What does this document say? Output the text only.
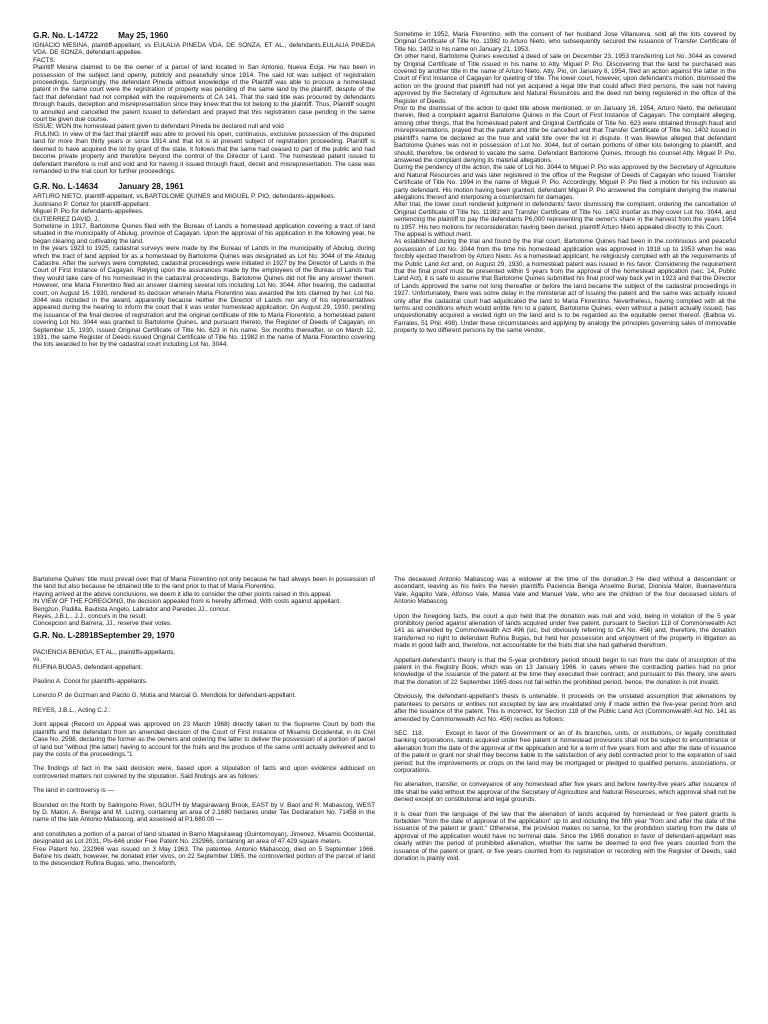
G.R. No. L-14722 May 25, 1960

IGNACIO MESINA, plaintiff-appellant, vs EULALIA PINEDA VDA. DE SONZA, ET AL., defendants.EULALIA PINEDA VDA. DE SONZA, defendant-appellee.

FACTS:

Plaintiff Mesina claimed to be the owner of a parcel of land located in San Antonio, Nueva Ecija. He has been in possession of the subject land openly, publicly and peacefully since 1914. The said lot was subject of registration proceedings. Surprisingly, the defendant Pineda without knowledge of the Plaintiff was able to procure a homestead patent in the same court were the registration of property was pending of the same land by the plaintiff, despite of the fact that defendant had not complied with the requirements of CA 141. That the said title was procured by defendants through frauds, deception and misrepresentation since they knew that the lot belong to the plaintiff. Thus, Plaintiff sought to annulled and cancelled the patent issued to defendant and prayed that this registration case pending in the same court be given due course.

ISSUE: WON the homestead patent given to defendant Pineda be declared null and void

.RULING: In view of the fact that plaintiff was able to proved his open, continuous, exclusive possession of the disputed land for more than thirty years or since 1914 and that lot is at present subject of registration proceeding. Plaintiff is deemed to have acquired the lot by grant of the state, it follows that the same had ceased to part of the public and had become private property and therefore beyond the control of the Director of Land. The homestead patent issued to defendant therefore is null and void and for having it issued through fraud, deceit and misrepresentation. The case was remanded to the trial court for further proceedings.

G.R. No. L-14634 January 28, 1961

ARTURO NIETO, plaintiff-appellant, vs.BARTOLOME QUINES and MIGUEL P. PIO, defendants-appellees.

Justiniano P. Cortez for plaintiff-appellant.

Miguel P. Pio for defendants-appellees.

GUTIERREZ DAVID, J.:

Sometime in 1917, Bartolome Quines filed with the Bureau of Lands a homestead application covering a tract of land situated in the municipality of Abulug, province of Cagayan. Upon the approval of his application in the following year, he began clearing and cultivating the land.

In the years 1923 to 1925, cadastral surveys were made by the Bureau of Lands in the municipality of Abulug, during which the tract of land applied for as a homestead by Bartolome Quines was designated as Lot No. 3044 of the Abulug Cadastre. After the surveys were completed, cadastral proceedings were initiated in 1927 by the Director of Lands in the Court of First Instance of Cagayan. Relying upon the assurances made by the employees of the Bureau of Lands that they would take care of his homestead in the cadastral proceedings, Bartolome Quines did not file any answer therein. However, one Maria Florentino filed an answer claiming several lots including Lot No. 3044. After hearing, the cadastral court, on August 16. 1930, rendered its decision wherein Maria Florentino was awarded the lots claimed by her. Lot No. 3044 was included in the award, apparently because neither the Director of Lands nor any of his representatives appeared during the hearing to inform the court that it was under homestead application. On August 29, 1930, pending the issuance of the final decree of registration and the original certificate of title to Maria Florentino, a homestead patent covering Lot No. 3044 was granted to Bartolome Quines, and pursuant thereto, the Register of Deeds of Cagayan, on September 15, 1930, issued Original Certificate of Title No. 623 in his name. Six months thereafter, or on March 12, 1931, the same Register of Deeds issued Original Certificate of Title No. 11982 in the name of Maria Florentino covering the lots awarded to her by the cadastral court including Lot No. 3044.

Sometime in 1952, Maria Florentino, with the consent of her husband Jose Villanueva, sold all the lots covered by Original Certificate of Title No. 11982 to Arturo Nieto, who subsequently secured the issuance of Transfer Certificate of Title No. 1402 in his name on January 21, 1953.

On other hand, Bartolome Quines executed a deed of sale on December 23, 1953 transferring Lot No. 3044 as covered by Original Certificate of Title issued in his name to Atty. Miguel P. Pio. Discovering that the land he purchased was covered by another title in the name of Arturo Nieto, Atty. Pio, on January 8, 1954, filed an action against the latter in the Court of First Instance of Cagayan for quieting of title. The lower court, however, upon defendant's motion, dismissed the action on the ground that plaintiff had not yet acquired a legal title that could affect third persons, the sale not having approved by the Secretary of Agriculture and Natural Resources and the deed not being registered in the office of the Register of Deeds.

Prior to the dismissal of the action to quiet title above mentioned, or on January 16, 1954, Arturo Nieto, the defendant therein, filed a complaint against Bartolome Quines in the Court of First Instance of Cagayan. The complaint alleging, among other things, that the homestead patent and Original Certificate of Title No. 623 were obtained through fraud and misrepresentations, prayed that the patent and title be cancelled and that Transfer Certificate of Title No. 1402 issued in plaintiff's name be declared as the true and valid title over the lot in dispute. It was likewise alleged that defendant Bartolome Quines was not in possession of Lot No. 3044, but of certain portions of other lots belonging to plaintiff, and should, therefore, be ordered to vacate the same. Defendant Bartolome Quines, through his counsel Atty. Miguel P. Pio, answered the complaint denying its material allegations.

During the pendency of the action, the sale of Lot No. 3044 to Miguel P. Pio was approved by the Secretary of Agriculture and Natural Resources and was later registered in the office of the Register of Deeds of Cagayan who issued Transfer Certificate of Title No. 1994 in the name of Miguel P. Pio. Accordingly, Miguel P. Pio filed a motion for his inclusion as party defendant. His motion having been granted, defendant Miguel P. Pio answered the complaint denying the material allegations thereof and interposing a counterclaim for damages.

After trial, the lower court rendered judgment in defendants' favor dismissing the complaint, ordering the cancellation of Original Certificate of Title No. 11982 and Transfer Certificate of Title No. 1402 insofar as they cover Lot No. 3044, and sentencing the plaintiff to pay the defendants P6,000 representing the owner's share in the harvest from the years 1954 to 1957. His two motions for reconsideration having been denied, plaintiff Arturo Nieto appealed directly to this Court.

The appeal is without merit.

As established during the trial and found by the trial court, Bartolome Quines had been in the continuous and peaceful possession of Lot No. 3044 from the time his homestead application was approved in 1918 up to 1953 when he was forcibly ejected therefrom by Arturo Nieto. As a homestead applicant, he religiously complied with all the requirements of the Public Land Act and, on August 29, 1930, a homestead patent was issued in his favor. Considering the requirement that the final proof must be presented within 5 years from the approval of the homestead application (sec. 14, Public Land Act), it is safe to assume that Bartolome Quines submitted his final proof way back yet in 1923 and that the Director of Lands approved the same not long thereafter or before the land became the subject of the cadastral proceedings in 1927. Unfortunately, there was some delay in the ministerial act of issuing the patent and the same was actually issued only after the cadastral court had adjudicated the land to Maria Florentino. Nevertheless, having complied with all the terms and conditions which would entitle him to a patent, Bartolome Quines, even without a patent actually issued, has unquestionably acquired a vested right on the land and is to be regarded as the equitable owner thereof. (Balboa vs. Farrales, 51 Phil. 498). Under these circumstances and applying by analogy the principles governing sales of immovable property to two different persons by the same vendor,

Bartolome Quines' title must prevail over that of Maria Florentino not only because he had always been in possession of the land but also because he obtained title to the land prior to that of Maria Florentino.

Having arrived at the above conclusions, we deem it idle to consider the other points raised in this appeal.

IN VIEW OF THE FOREGOING, the decision appealed from is hereby affirmed. With costs against appellant.

Bengzon, Padilla, Bautista Angelo, Labrador and Paredes JJ., concur.

Reyes, J.B.L., J.J., concurs in the result.

Concepcion and Barrera, JJ., reserve their votes.

G.R. No. L-28918September 29, 1970

PACIENCIA BENIGA, ET AL., plaintiffs-appellants,

vs.

RUFINA BUGAS, defendant-appellant.

Paulino A. Conol for plaintiffs-appellants.

Lorenzo P. de Guzman and Pacito G. Mutia and Marcial G. Mendiola for defendant-appellant.

REYES, J.B.L., Acting C.J.:

Joint appeal (Record on Appeal was approved on 23 March 1968) directly taken to the Supreme Court by both the plaintiffs and the defendant from an amended decision of the Court of First Instance of Misamis Occidental, in its Civil Case No. 2598, declaring the former as the owners and ordering the latter to deliver the possession of a portion of parcel of land but "without (the latter) having to account for the fruits and the produce of the same until actually delivered and to pay the costs of the proceedings."1

The findings of fact in the said decision were, based upon a stipulation of facts and upon evidence adduced on controverted matters not covered by the stipulation. Said findings are as follows:

The land in controversy is —

Bounded on the North by Salimpono River, SOUTH by Magsirawang Brook, EAST by V. Baol and R. Mabascog, WEST by D. Malon, A. Beniga and M. Luzing, containing an area of 2.1680 hectares under Tax Declaration No. 71458 in the name of the late Antonio Mabascog, and assessed at P1,680.00 —

and constitutes a portion of a parcel of land situated in Barrio Magsirawag (Guintomoyan), Jimenez, Misamis Occidental, designated as Lot 2031, Pls-646 under Free Patent No. 232966, containing an area of 47.429 square meters.

Free Patent No. 232966 was issued on 3 May 1963. The patentee, Antonio Mabascog, died on 5 September 1966. Before his death, however, he donated inter vivos, on 22 September 1965, the controverted portion of the parcel of land to the descendant Rufina Bugas, who, thenceforth,

The deceased Antonio Mabascog was a widower at the time of the donation.3 He died without a descendant or ascendant, leaving as his heirs the herein plaintiffs Paciencia Beniga Anselmo Burlat, Dionisia Malon, Buenaventura Vale, Agapito Vale, Alfonso Vale, Matea Vale and Manuel Vale, who are the children of the four deceased sisters of Antonio Mabascog.

Upon the foregoing facts, the court a quo held that the donation was null and void, being in violation of the 5 year prohibitory period against alienation of lands acquired under free patent, pursuant to Section 118 of Commonwealth Act 141 as amended by Commonwealth Act 496 (sic, but obviously referring to CA No. 456) and, therefore, the donation transferred no right to defendant Rufina Bugas, but held her possession and enjoyment of the property in litigation as made in good faith and, therefore, not accountable for the fruits that she had gathered therefrom.

Appellant-defendant's theory is that the 5-year prohibitory period should begin to run from the date of inscription of the patent in the Registry Book, which was on 13 January 1966. In cases where the contracting parties had no prior knowledge of the issuance of the patent at the time they executed their contract; and pursuant to this theory, she avers that the donation of 22 September 1965 does not fall within the prohibited period, hence, the donation is not invalid.

Obviously, the defendant-appellant's thesis is untenable. It proceeds on the unstated assumption that alienations by patentees to persons or entities not excepted by law are invalidated only if made within the five-year period from and after the issuance of the patent. This is incorrect, for Section 118 of the Public Land Act (Commonwealth Act No. 141 as amended by Commonwealth Act No. 456) recites as follows:

SEC. 118.	Except in favor of the Government or an of its branches, units, or institutions, or legally constituted banking corporations, lands acquired under free patent or homestead provisions shall not be subject to encumbrance or alienation from the date of the approval of the application and for a term of five years from and after the date of issuance of the patent or grant nor shall they become liable to the satisfaction of any debt contracted prior to the expiration of said period; but the improvements or crops on the land may be mortgaged or pledged to qualified persons, associations, or corporations.

No alienation, transfer, or conveyance of any homestead after five years and before twenty-five years after issuance of title shall be valid without the approval of the Secretary of Agriculture and Natural Resources, which approval shall not be denied except on constitutional and legal grounds.

It is clear from the language of the law that the alienation of lands acquired by homestead or free patent grants is forbidden "from the date of approval of the application" up to and including the fifth year "from and after the date of the issuance of the patent or grant." Otherwise, the provision makes no sense, for the prohibition starting from the date of approval of the application would have no terminal date. Since the 1965 donation in favor of defendant-appellant was clearly within the period of prohibited alienation, whether the same be deemed to end five years counted from the issuance of the patent or grant, or five years counted from its registration or recording with the Register of Deeds, said donation is plainly void.
